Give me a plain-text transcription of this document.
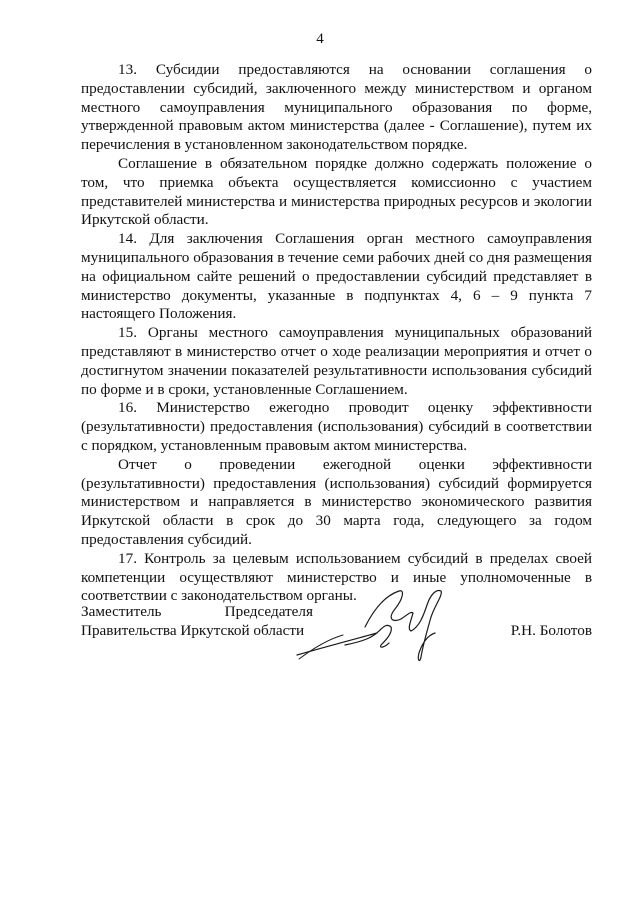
4

13. Субсидии предоставляются на основании соглашения о предоставлении субсидий, заключенного между министерством и органом местного самоуправления муниципального образования по форме, утвержденной правовым актом министерства (далее - Соглашение), путем их перечисления в установленном законодательством порядке.

Соглашение в обязательном порядке должно содержать положение о том, что приемка объекта осуществляется комиссионно с участием представителей министерства и министерства природных ресурсов и экологии Иркутской области.

14. Для заключения Соглашения орган местного самоуправления муниципального образования в течение семи рабочих дней со дня размещения на официальном сайте решений о предоставлении субсидий представляет в министерство документы, указанные в подпунктах 4, 6 – 9 пункта 7 настоящего Положения.

15. Органы местного самоуправления муниципальных образований представляют в министерство отчет о ходе реализации мероприятия и отчет о достигнутом значении показателей результативности использования субсидий по форме и в сроки, установленные Соглашением.

16. Министерство ежегодно проводит оценку эффективности (результативности) предоставления (использования) субсидий в соответствии с порядком, установленным правовым актом министерства.

Отчет о проведении ежегодной оценки эффективности (результативности) предоставления (использования) субсидий формируется министерством и направляется в министерство экономического развития Иркутской области в срок до 30 марта года, следующего за годом предоставления субсидий.

17. Контроль за целевым использованием субсидий в пределах своей компетенции осуществляют министерство и иные уполномоченные в соответствии с законодательством органы.

Заместитель Председателя
Правительства Иркутской области	Р.Н. Болотов
